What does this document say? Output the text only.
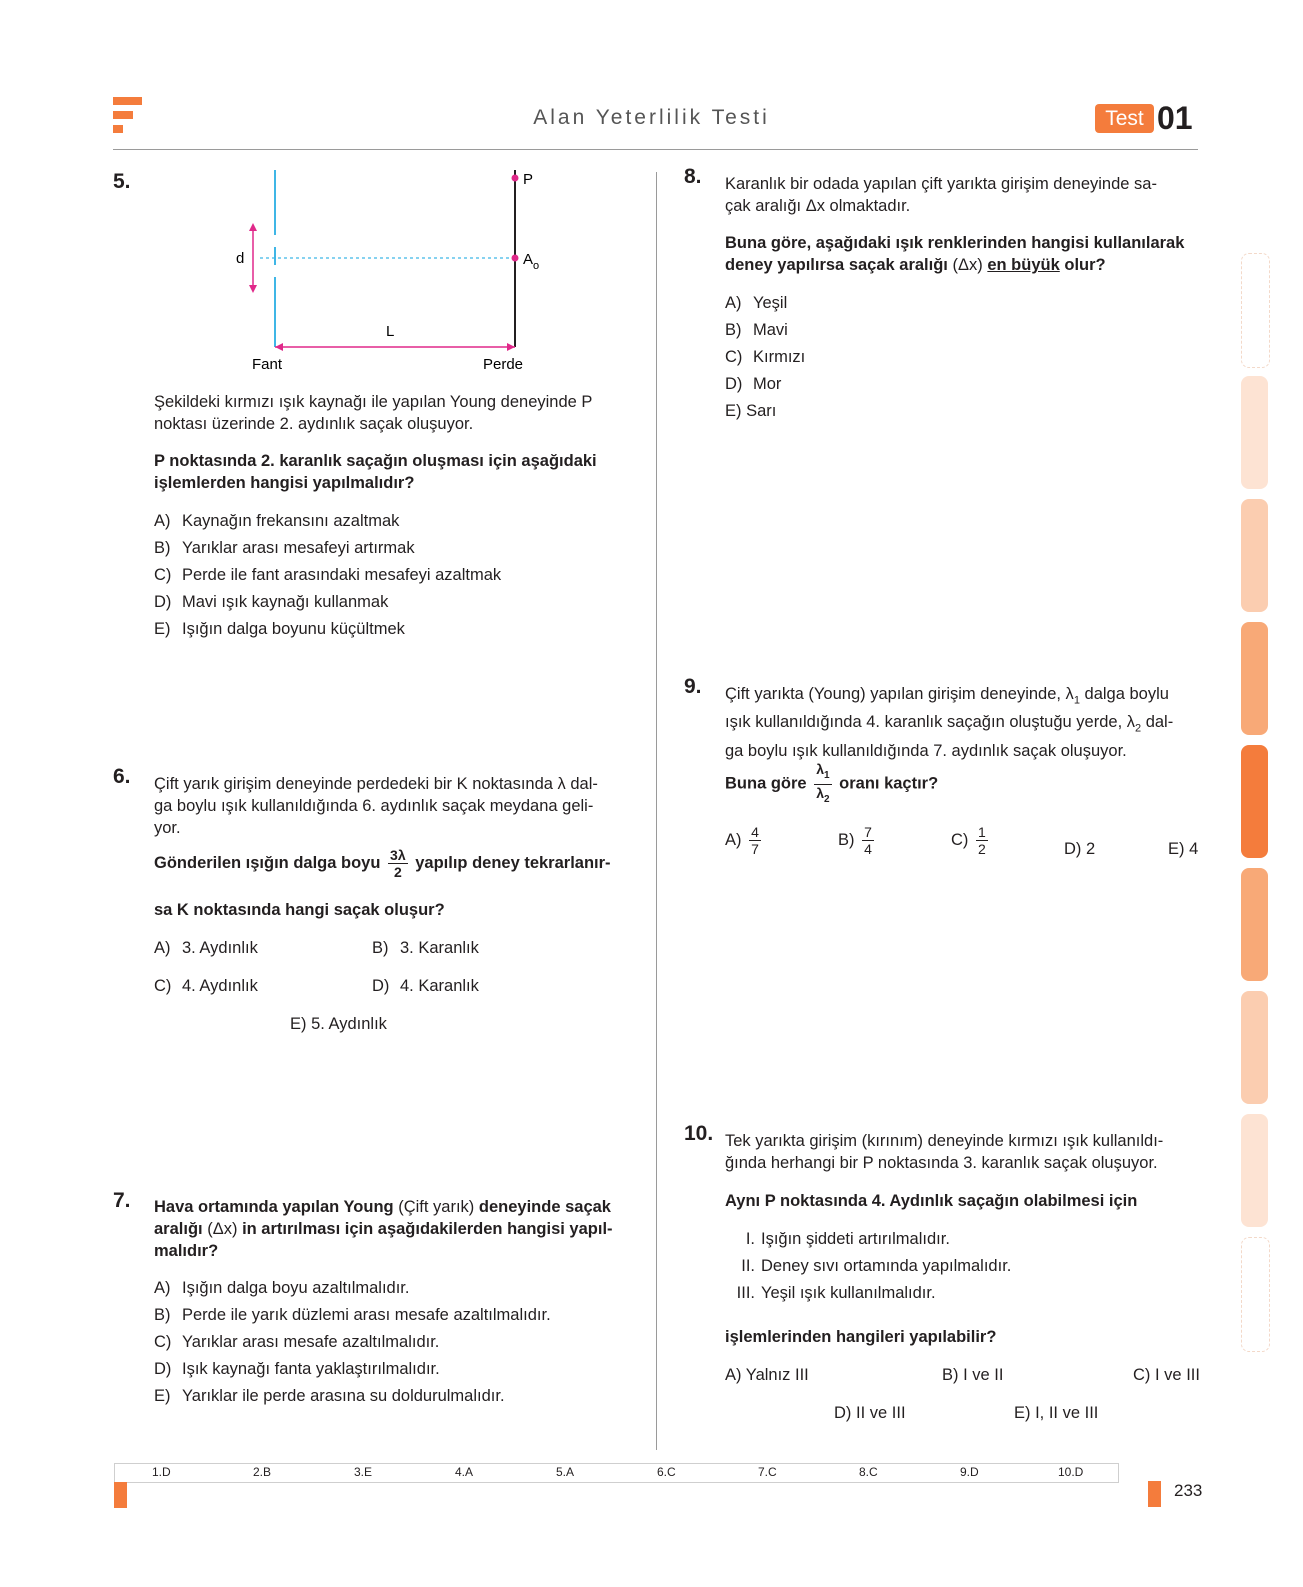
Alan Yeterlilik Testi	Test 01
5.	P
$A_o$
d
L
Fant	Perde
Şekildeki kırmızı ışık kaynağı ile yapılan Young deneyinde P
noktası üzerinde 2. aydınlık saçak oluşuyor.
P noktasında 2. karanlık saçağın oluşması için aşağıdaki
işlemlerden hangisi yapılmalıdır?
A) Kaynağın frekansını azaltmak
B) Yarıklar arası mesafeyi artırmak
C) Perde ile fant arasındaki mesafeyi azaltmak
D) Mavi ışık kaynağı kullanmak
E) Işığın dalga boyunu küçültmek
6. Çift yarık girişim deneyinde perdedeki bir K noktasında λ dal-
ga boylu ışık kullanıldığında 6. aydınlık saçak meydana geli-
yor.
Gönderilen ışığın dalga boyu $\frac{3\lambda}{2}$ yapılıp deney tekrarlanır-
sa K noktasında hangi saçak oluşur?
A) 3. Aydınlık	B) 3. Karanlık
C) 4. Aydınlık	D) 4. Karanlık
E) 5. Aydınlık
7. Hava ortamında yapılan Young (Çift yarık) deneyinde saçak
aralığı (Δx) in artırılması için aşağıdakilerden hangisi yapıl-
malıdır?
A) Işığın dalga boyu azaltılmalıdır.
B) Perde ile yarık düzlemi arası mesafe azaltılmalıdır.
C) Yarıklar arası mesafe azaltılmalıdır.
D) Işık kaynağı fanta yaklaştırılmalıdır.
E) Yarıklar ile perde arasına su doldurulmalıdır.
8. Karanlık bir odada yapılan çift yarıkta girişim deneyinde sa-
çak aralığı Δx olmaktadır.
Buna göre, aşağıdaki ışık renklerinden hangisi kullanılarak
deney yapılırsa saçak aralığı (Δx) en büyük olur?
A) Yeşil
B) Mavi
C) Kırmızı
D) Mor
E) Sarı
9. Çift yarıkta (Young) yapılan girişim deneyinde, $\lambda_1$ dalga boylu
ışık kullanıldığında 4. karanlık saçağın oluştuğu yerde, $\lambda_2$ dal-
ga boylu ışık kullanıldığında 7. aydınlık saçak oluşuyor.
Buna göre $\frac{\lambda_1}{\lambda_2}$ oranı kaçtır?
$A) \frac{4}{7}$	$B) \frac{7}{4}$	$C) \frac{1}{2}$	D) 2	E) 4
10. Tek yarıkta girişim (kırınım) deneyinde kırmızı ışık kullanıldı-
ğında herhangi bir P noktasında 3. karanlık saçak oluşuyor.
Aynı P noktasında 4. Aydınlık saçağın olabilmesi için
I. Işığın şiddeti artırılmalıdır.
II. Deney sıvı ortamında yapılmalıdır.
III. Yeşil ışık kullanılmalıdır.
işlemlerinden hangileri yapılabilir?
A) Yalnız III	B) I ve II	C) I ve III
D) II ve III	E) I, II ve III
1.D	2.B	3.E	4.A	5.A	6.C	7.C	8.C	9.D	10.D
233
